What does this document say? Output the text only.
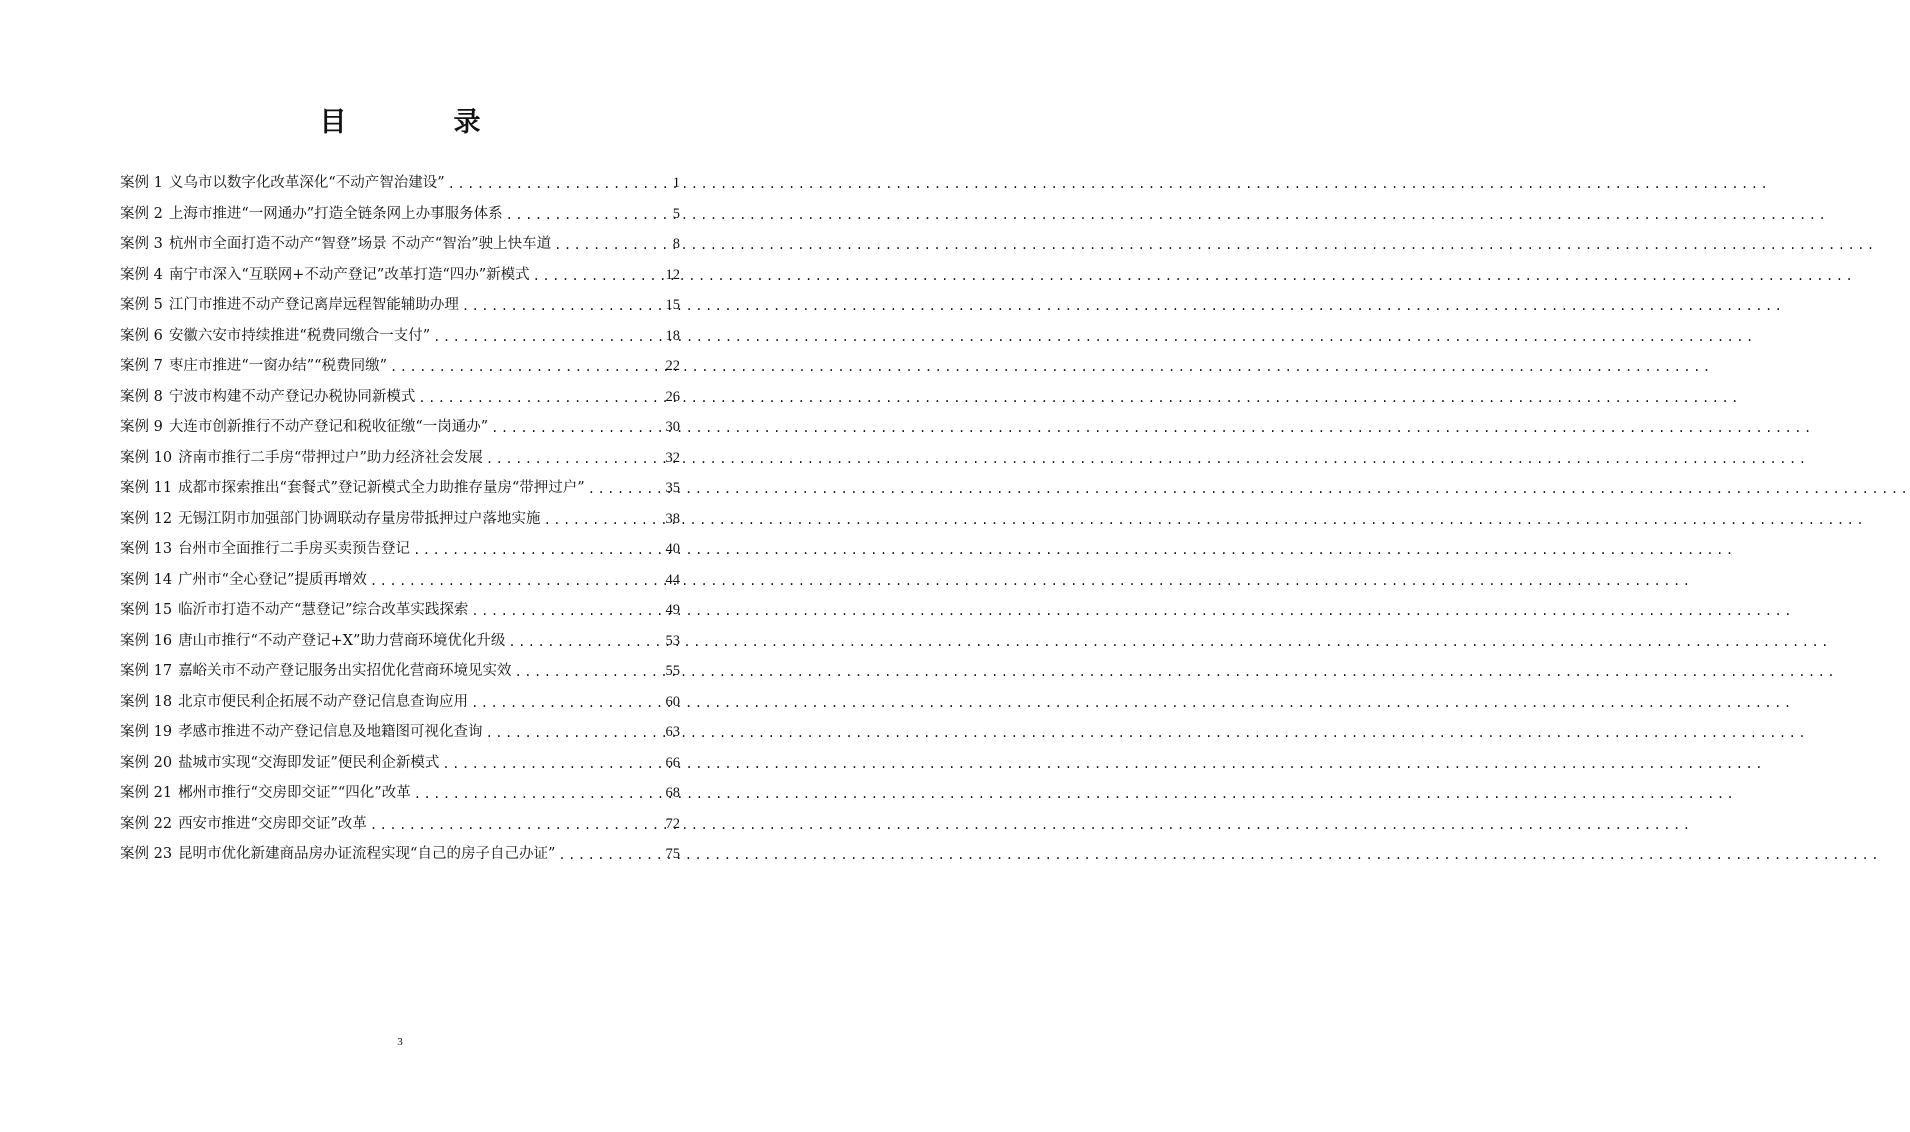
目　录
案例 1 义乌市以数字化改革深化“不动产智治建设” .....	1
案例 2 上海市推进“一网通办”打造全链条网上办事服务体系 .....	5
案例 3 杭州市全面打造不动产“智登”场景 不动产“智治”驶上快车道 .....	8
案例 4 南宁市深入“互联网+不动产登记”改革打造“四办”新模式 .....	12
案例 5 江门市推进不动产登记离岸远程智能辅助办理 .....	15
案例 6 安徽六安市持续推进“税费同缴合一支付” .....	18
案例 7 枣庄市推进“一窗办结”“税费同缴” .....	22
案例 8 宁波市构建不动产登记办税协同新模式 .....	26
案例 9 大连市创新推行不动产登记和税收征缴“一岗通办” .....	30
案例 10 济南市推行二手房“带押过户”助力经济社会发展 .....	32
案例 11 成都市探索推出“套餐式”登记新模式全力助推存量房“带押过户” .....	35
案例 12 无锡江阴市加强部门协调联动存量房带抵押过户落地实施 .....	38
案例 13 台州市全面推行二手房买卖预告登记 .....	40
案例 14 广州市“全心登记”提质再增效 .....	44
案例 15 临沂市打造不动产“慧登记”综合改革实践探索 .....	49
案例 16 唐山市推行“不动产登记+X”助力营商环境优化升级 .....	53
案例 17 嘉峪关市不动产登记服务出实招优化营商环境见实效 .....	55
案例 18 北京市便民利企拓展不动产登记信息查询应用 .....	60
案例 19 孝感市推进不动产登记信息及地籍图可视化查询 .....	63
案例 20 盐城市实现“交海即发证”便民利企新模式 .....	66
案例 21 郴州市推行“交房即交证”“四化”改革 .....	68
案例 22 西安市推进“交房即交证”改革 .....	72
案例 23 昆明市优化新建商品房办证流程实现“自己的房子自己办证” .....	75
3
